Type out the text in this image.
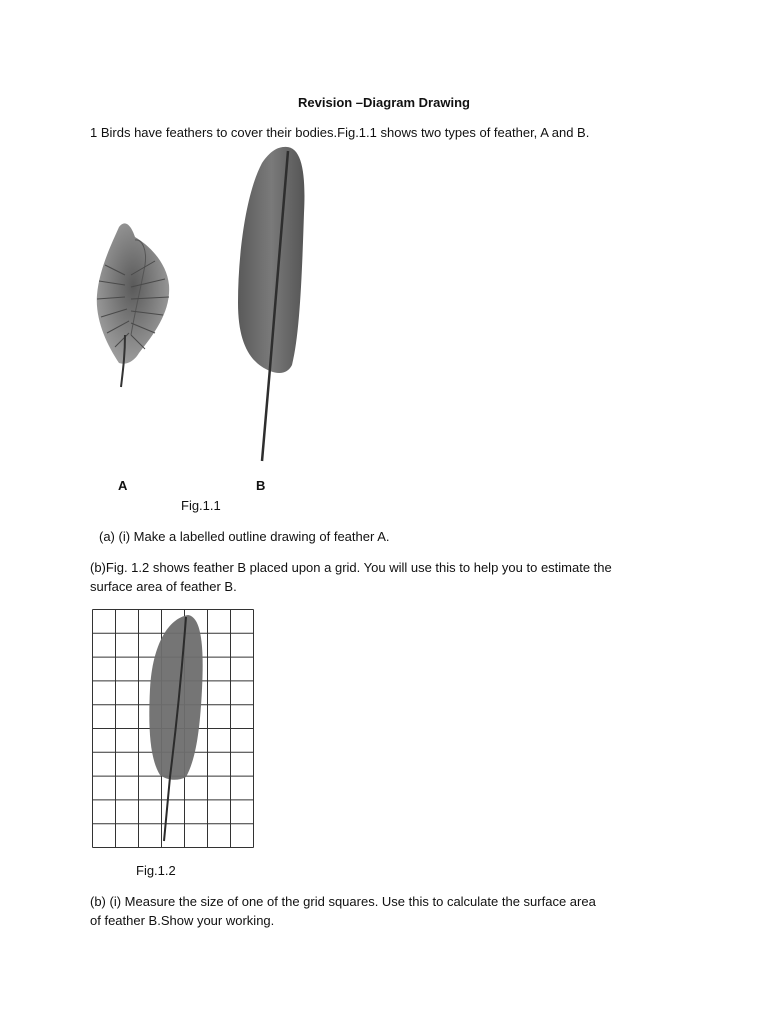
Revision –Diagram Drawing
1 Birds have feathers to cover their bodies.Fig.1.1 shows two types of feather, A and B.
A	B
Fig.1.1
(a) (i) Make a labelled outline drawing of feather A.
(b)Fig. 1.2 shows feather B placed upon a grid. You will use this to help you to estimate the
surface area of feather B.
Fig.1.2
(b) (i) Measure the size of one of the grid squares. Use this to calculate the surface area
of feather B.Show your working.
